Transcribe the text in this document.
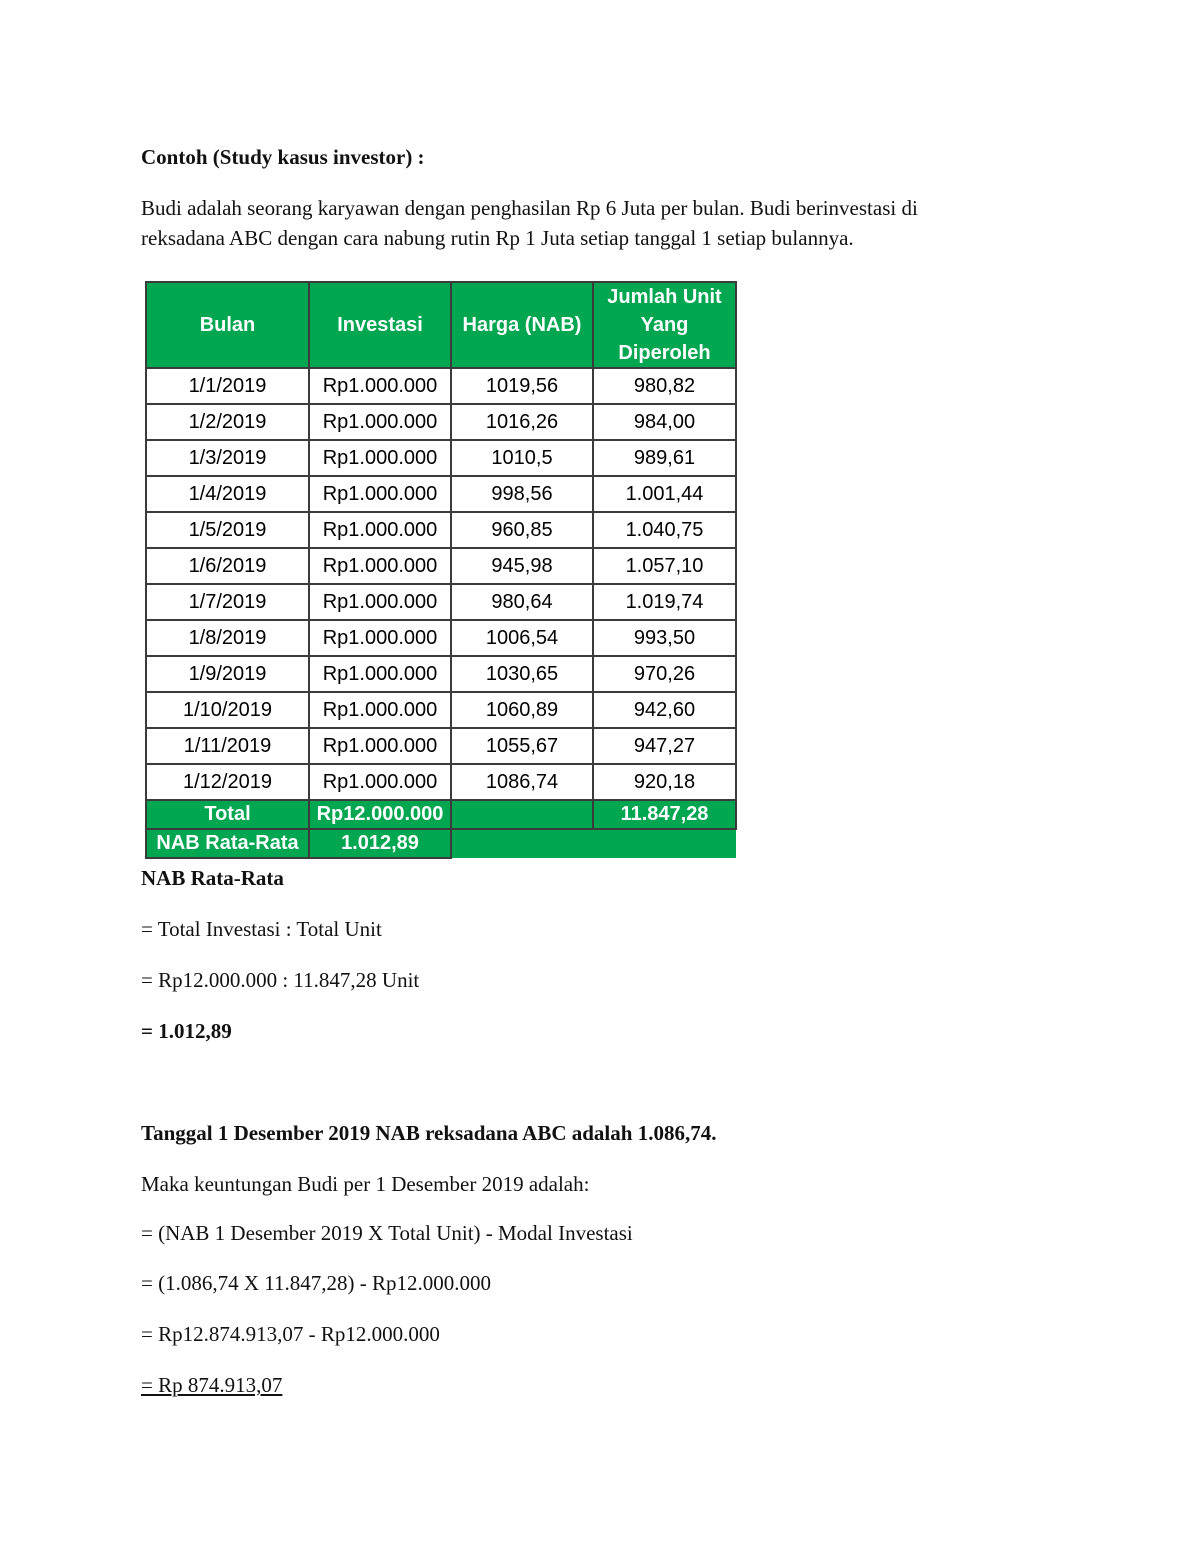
Contoh (Study kasus investor) :

Budi adalah seorang karyawan dengan penghasilan Rp 6 Juta per bulan. Budi berinvestasi di

reksadana ABC dengan cara nabung rutin Rp 1 Juta setiap tanggal 1 setiap bulannya.

Bulan	Investasi	Harga (NAB)	Jumlah Unit
Yang Diperoleh
1/1/2019	Rp1.000.000	1019,56	980,82
1/2/2019	Rp1.000.000	1016,26	984,00
1/3/2019	Rp1.000.000	1010,5	989,61
1/4/2019	Rp1.000.000	998,56	1.001,44
1/5/2019	Rp1.000.000	960,85	1.040,75
1/6/2019	Rp1.000.000	945,98	1.057,10
1/7/2019	Rp1.000.000	980,64	1.019,74
1/8/2019	Rp1.000.000	1006,54	993,50
1/9/2019	Rp1.000.000	1030,65	970,26
1/10/2019	Rp1.000.000	1060,89	942,60
1/11/2019	Rp1.000.000	1055,67	947,27
1/12/2019	Rp1.000.000	1086,74	920,18
Total	Rp12.000.000		11.847,28
NAB Rata-Rata	1.012,89		

NAB Rata-Rata

= Total Investasi : Total Unit

= Rp12.000.000 : 11.847,28 Unit

= 1.012,89

Tanggal 1 Desember 2019 NAB reksadana ABC adalah 1.086,74.

Maka keuntungan Budi per 1 Desember 2019 adalah:

= (NAB 1 Desember 2019 X Total Unit) - Modal Investasi

= (1.086,74 X 11.847,28) - Rp12.000.000

= Rp12.874.913,07 - Rp12.000.000

= Rp 874.913,07
